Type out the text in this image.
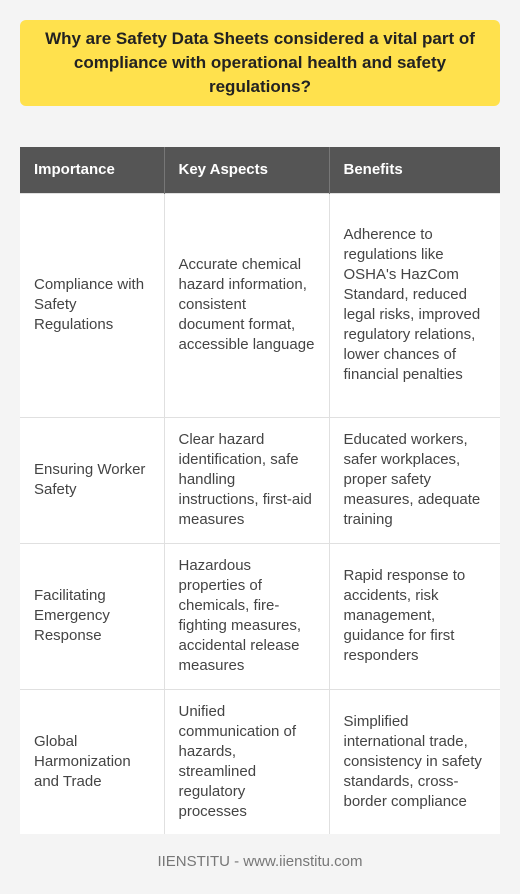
Why are Safety Data Sheets considered a vital part of compliance with operational health and safety regulations?
Importance	Key Aspects	Benefits
Compliance with Safety Regulations	Accurate chemical hazard information, consistent document format, accessible language	Adherence to regulations like OSHA's HazCom Standard, reduced legal risks, improved regulatory relations, lower chances of financial penalties
Ensuring Worker Safety	Clear hazard identification, safe handling instructions, first-aid measures	Educated workers, safer workplaces, proper safety measures, adequate training
Facilitating Emergency Response	Hazardous properties of chemicals, fire-fighting measures, accidental release measures	Rapid response to accidents, risk management, guidance for first responders
Global Harmonization and Trade	Unified communication of hazards, streamlined regulatory processes	Simplified international trade, consistency in safety standards, cross-border compliance
IIENSTITU - www.iienstitu.com
